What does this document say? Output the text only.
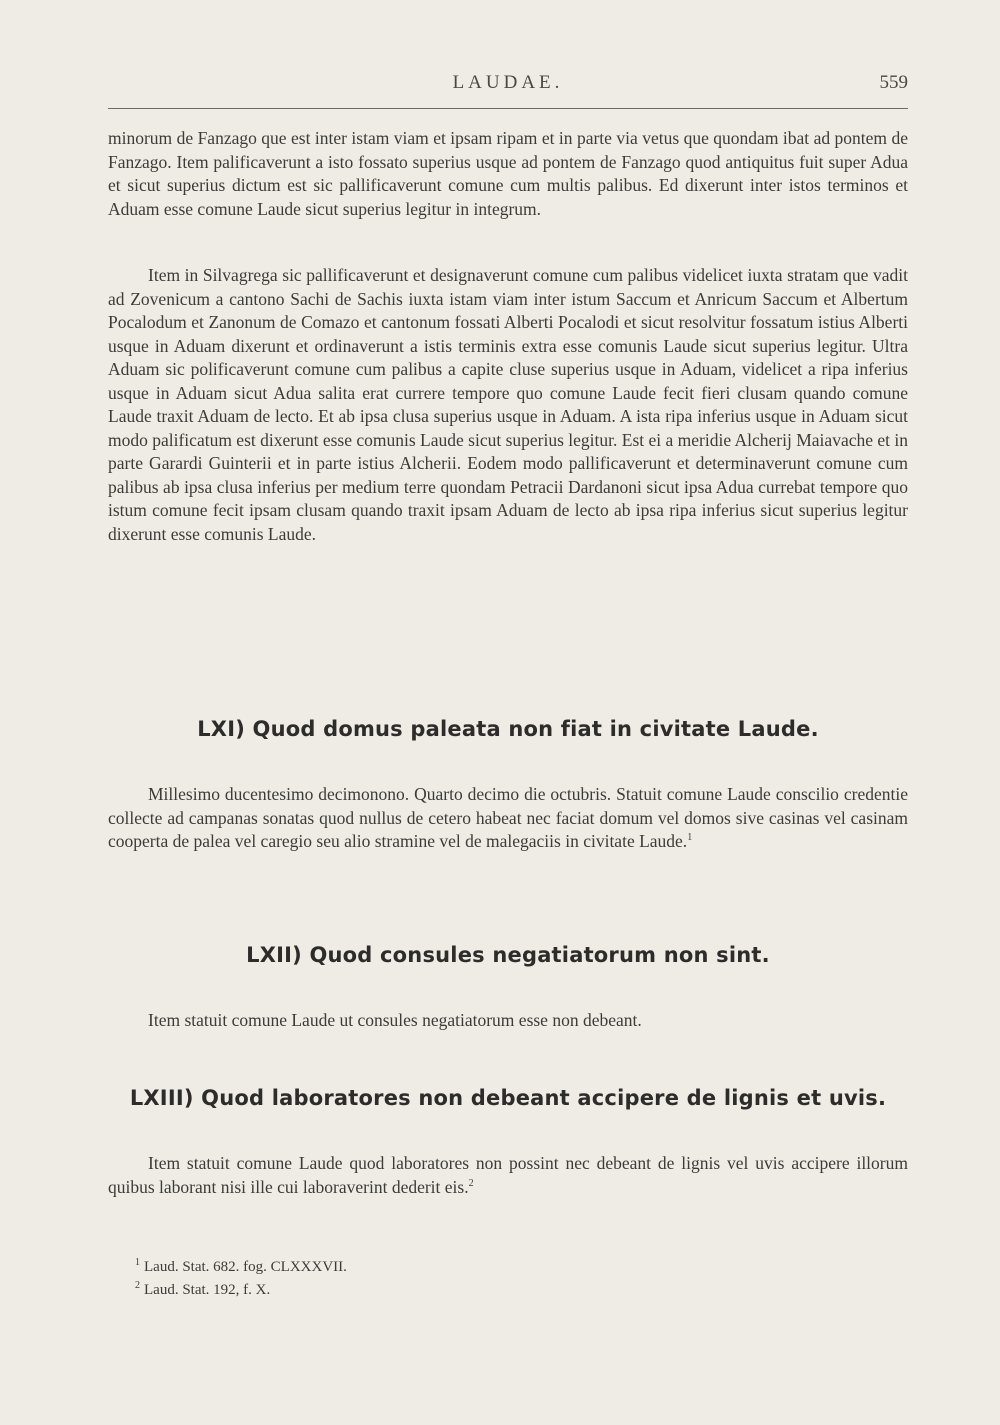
LAUDAE.	559

minorum de Fanzago que est inter istam viam et ipsam ripam et in parte via vetus que quondam ibat ad pontem de Fanzago. Item palificaverunt a isto fossato superius usque ad pontem de Fanzago quod antiquitus fuit super Adua et sicut superius dictum est sic pallificaverunt comune cum multis palibus. Ed dixerunt inter istos terminos et Aduam esse comune Laude sicut superius legitur in integrum.

Item in Silvagrega sic pallificaverunt et designaverunt comune cum palibus videlicet iuxta stratam que vadit ad Zovenicum a cantono Sachi de Sachis iuxta istam viam inter istum Saccum et Anricum Saccum et Albertum Pocalodum et Zanonum de Comazo et cantonum fossati Alberti Pocalodi et sicut resolvitur fossatum istius Alberti usque in Aduam dixerunt et ordinaverunt a istis terminis extra esse comunis Laude sicut superius legitur. Ultra Aduam sic polificaverunt comune cum palibus a capite cluse superius usque in Aduam, videlicet a ripa inferius usque in Aduam sicut Adua salita erat currere tempore quo comune Laude fecit fieri clusam quando comune Laude traxit Aduam de lecto. Et ab ipsa clusa superius usque in Aduam. A ista ripa inferius usque in Aduam sicut modo palificatum est dixerunt esse comunis Laude sicut superius legitur. Est ei a meridie Alcherij Maiavache et in parte Garardi Guinterii et in parte istius Alcherii. Eodem modo pallificaverunt et determinaverunt comune cum palibus ab ipsa clusa inferius per medium terre quondam Petracii Dardanoni sicut ipsa Adua currebat tempore quo istum comune fecit ipsam clusam quando traxit ipsam Aduam de lecto ab ipsa ripa inferius sicut superius legitur dixerunt esse comunis Laude.

LXI) Quod domus paleata non fiat in civitate Laude.

Millesimo ducentesimo decimonono. Quarto decimo die octubris. Statuit comune Laude conscilio credentie collecte ad campanas sonatas quod nullus de cetero habeat nec faciat domum vel domos sive casinas vel casinam cooperta de palea vel caregio seu alio stramine vel de malegaciis in civitate Laude.$^1$

LXII) Quod consules negatiatorum non sint.

Item statuit comune Laude ut consules negatiatorum esse non debeant.

LXIII) Quod laboratores non debeant accipere de lignis et uvis.

Item statuit comune Laude quod laboratores non possint nec debeant de lignis vel uvis accipere illorum quibus laborant nisi ille cui laboraverint dederit eis.$^2$

$^1$ Laud. Stat. 682. fog. CLXXXVII.

$^2$ Laud. Stat. 192, f. X.
